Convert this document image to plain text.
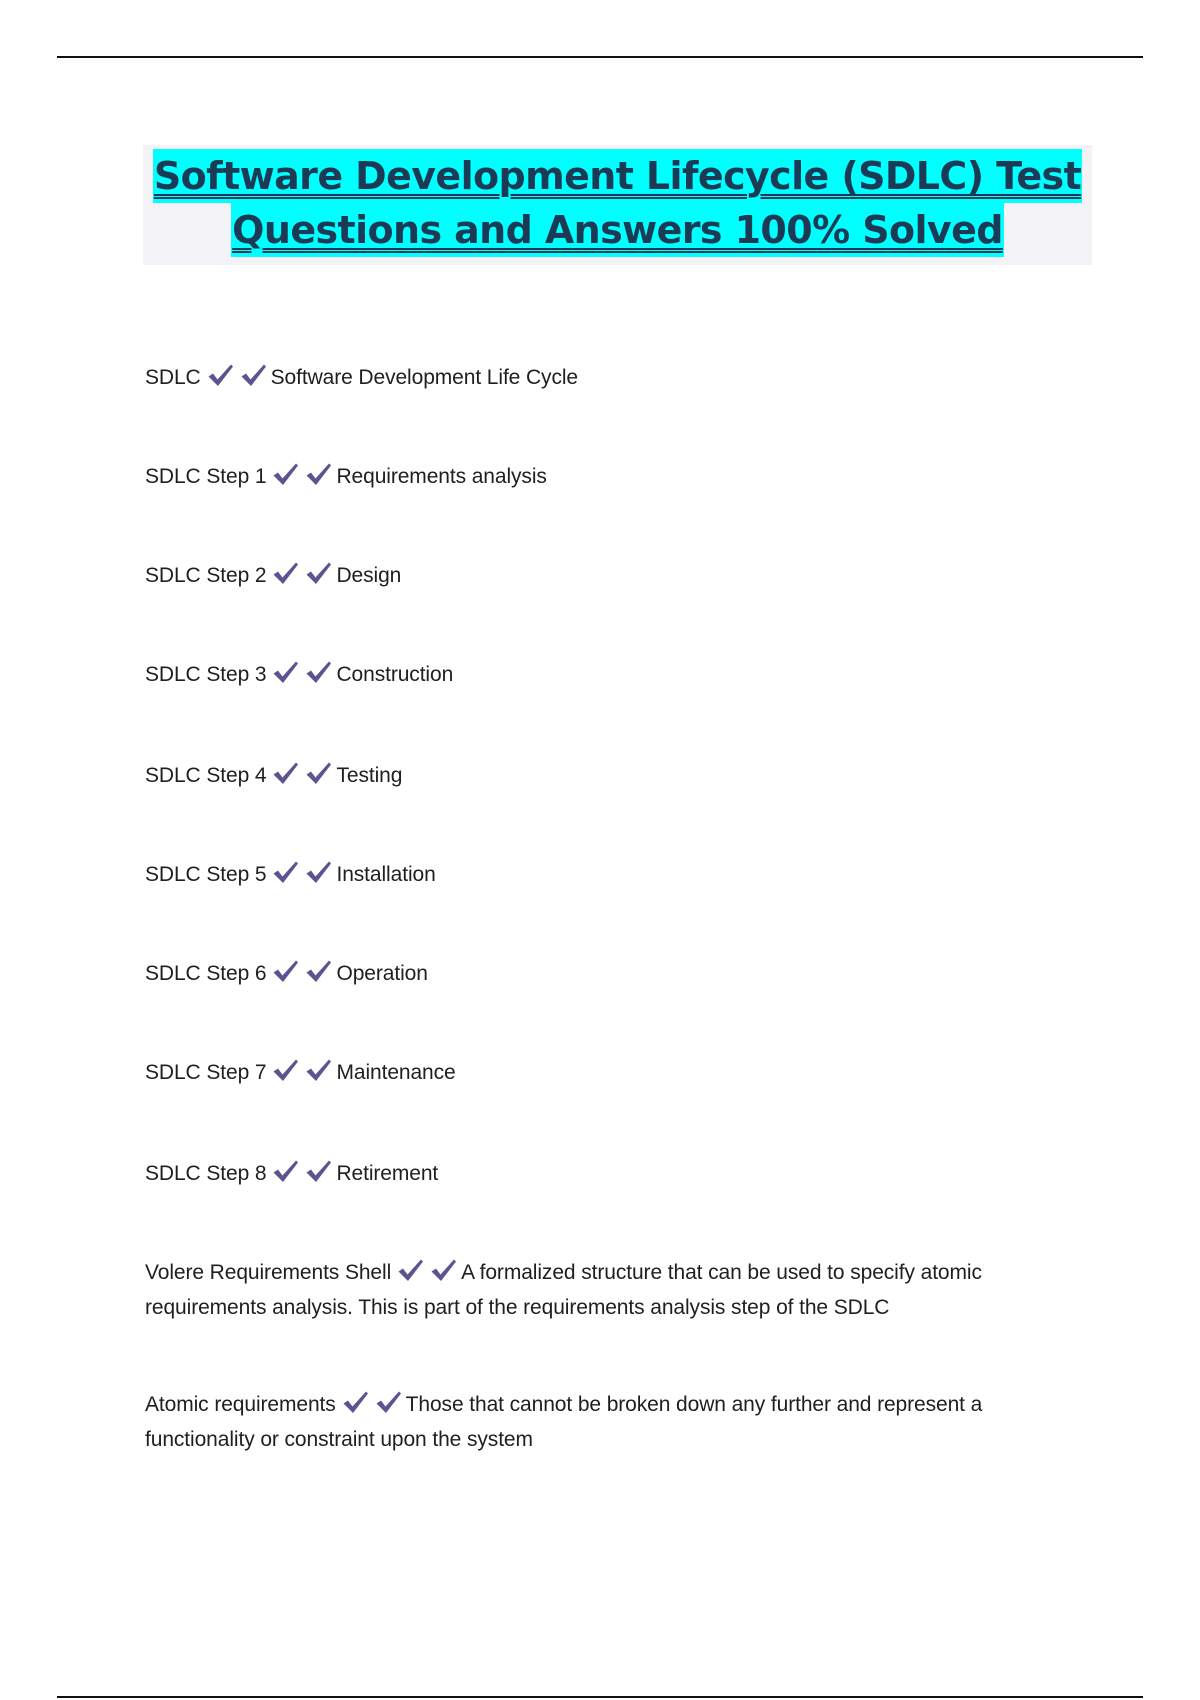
Software Development Lifecycle (SDLC) Test
Questions and Answers 100% Solved
SDLC	Software Development Life Cycle
SDLC Step 1	Requirements analysis
SDLC Step 2	Design
SDLC Step 3	Construction
SDLC Step 4	Testing
SDLC Step 5	Installation
SDLC Step 6	Operation
SDLC Step 7	Maintenance
SDLC Step 8	Retirement
Volere Requirements Shell	A formalized structure that can be used to specify atomic requirements analysis. This is part of the requirements analysis step of the SDLC
Atomic requirements	Those that cannot be broken down any further and represent a functionality or constraint upon the system
